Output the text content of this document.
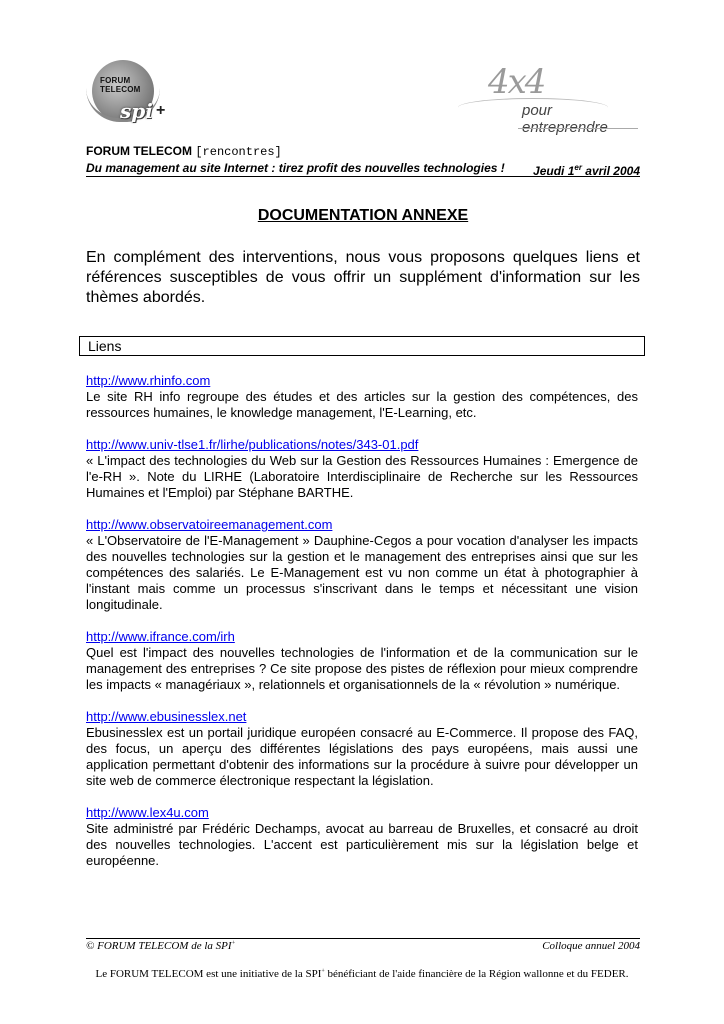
FORUM
TELECOM
spi +
4x4
pour entreprendre
FORUM TELECOM [rencontres]
Du management au site Internet : tirez profit des nouvelles technologies ! Jeudi 1er avril 2004
DOCUMENTATION ANNEXE
En complément des interventions, nous vous proposons quelques liens et références susceptibles de vous offrir un supplément d'information sur les thèmes abordés.
Liens
http://www.rhinfo.com

Le site RH info regroupe des études et des articles sur la gestion des compétences, des ressources humaines, le knowledge management, l'E-Learning, etc.

http://www.univ-tlse1.fr/lirhe/publications/notes/343-01.pdf

« L'impact des technologies du Web sur la Gestion des Ressources Humaines : Emergence de l'e-RH ». Note du LIRHE (Laboratoire Interdisciplinaire de Recherche sur les Ressources Humaines et l'Emploi) par Stéphane BARTHE.

http://www.observatoireemanagement.com

« L'Observatoire de l'E-Management » Dauphine-Cegos a pour vocation d'analyser les impacts des nouvelles technologies sur la gestion et le management des entreprises ainsi que sur les compétences des salariés. Le E-Management est vu non comme un état à photographier à l'instant mais comme un processus s'inscrivant dans le temps et nécessitant une vision longitudinale.

http://www.ifrance.com/irh

Quel est l'impact des nouvelles technologies de l'information et de la communication sur le management des entreprises ? Ce site propose des pistes de réflexion pour mieux comprendre les impacts « managériaux », relationnels et organisationnels de la « révolution » numérique.

http://www.ebusinesslex.net

Ebusinesslex est un portail juridique européen consacré au E-Commerce. Il propose des FAQ, des focus, un aperçu des différentes législations des pays européens, mais aussi une application permettant d'obtenir des informations sur la procédure à suivre pour développer un site web de commerce électronique respectant la législation.

http://www.lex4u.com

Site administré par Frédéric Dechamps, avocat au barreau de Bruxelles, et consacré au droit des nouvelles technologies. L'accent est particulièrement mis sur la législation belge et européenne.

© FORUM TELECOM de la SPI+	Colloque annuel 2004
Le FORUM TELECOM est une initiative de la SPI+ bénéficiant de l'aide financière de la Région wallonne et du FEDER.
